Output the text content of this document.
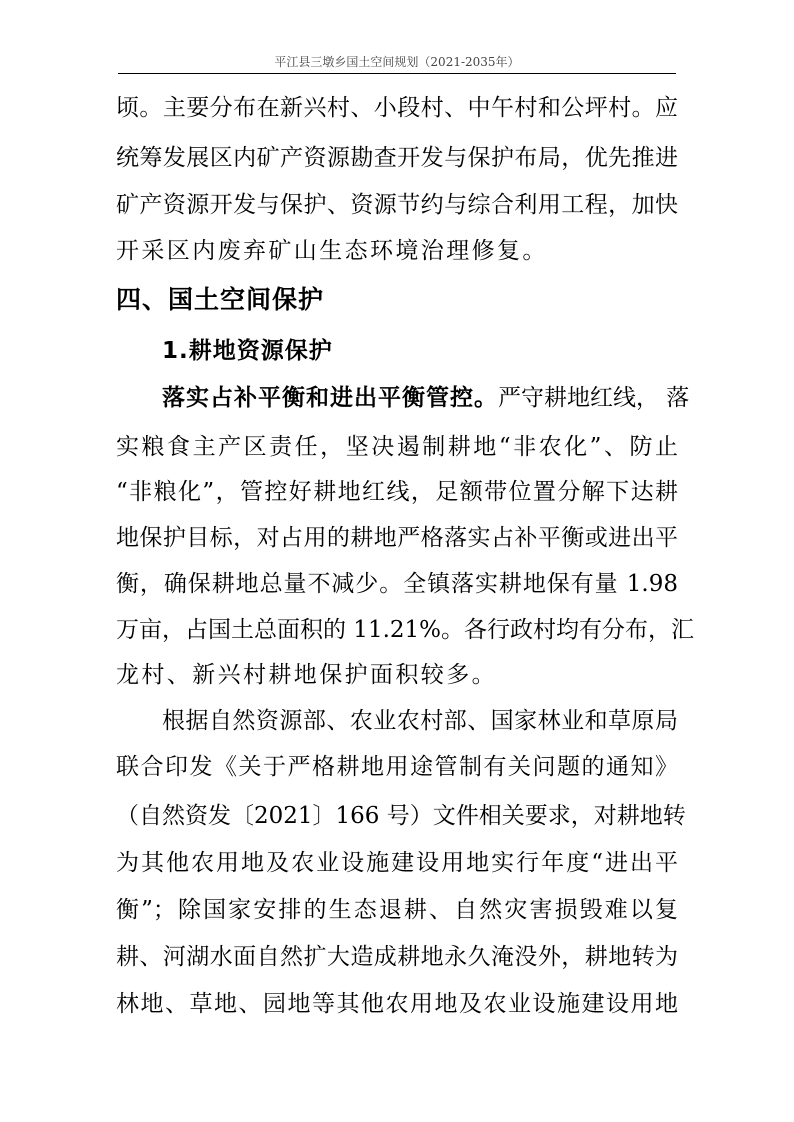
平江县三墩乡国土空间规划（2021-2035年）
顷。主要分布在新兴村、小段村、中午村和公坪村。应
统筹发展区内矿产资源勘查开发与保护布局，优先推进
矿产资源开发与保护、资源节约与综合利用工程，加快
开采区内废弃矿山生态环境治理修复。
四、国土空间保护
1.耕地资源保护
落实占补平衡和进出平衡管控。严守耕地红线， 落
实粮食主产区责任，坚决遏制耕地“非农化”、防止
“非粮化”，管控好耕地红线，足额带位置分解下达耕
地保护目标，对占用的耕地严格落实占补平衡或进出平
衡，确保耕地总量不减少。全镇落实耕地保有量 1.98
万亩，占国土总面积的 11.21%。各行政村均有分布，汇
龙村、新兴村耕地保护面积较多。
根据自然资源部、农业农村部、国家林业和草原局
联合印发《关于严格耕地用途管制有关问题的通知》
（自然资发〔2021〕166 号）文件相关要求，对耕地转
为其他农用地及农业设施建设用地实行年度“进出平
衡”；除国家安排的生态退耕、自然灾害损毁难以复
耕、河湖水面自然扩大造成耕地永久淹没外，耕地转为
林地、草地、园地等其他农用地及农业设施建设用地
